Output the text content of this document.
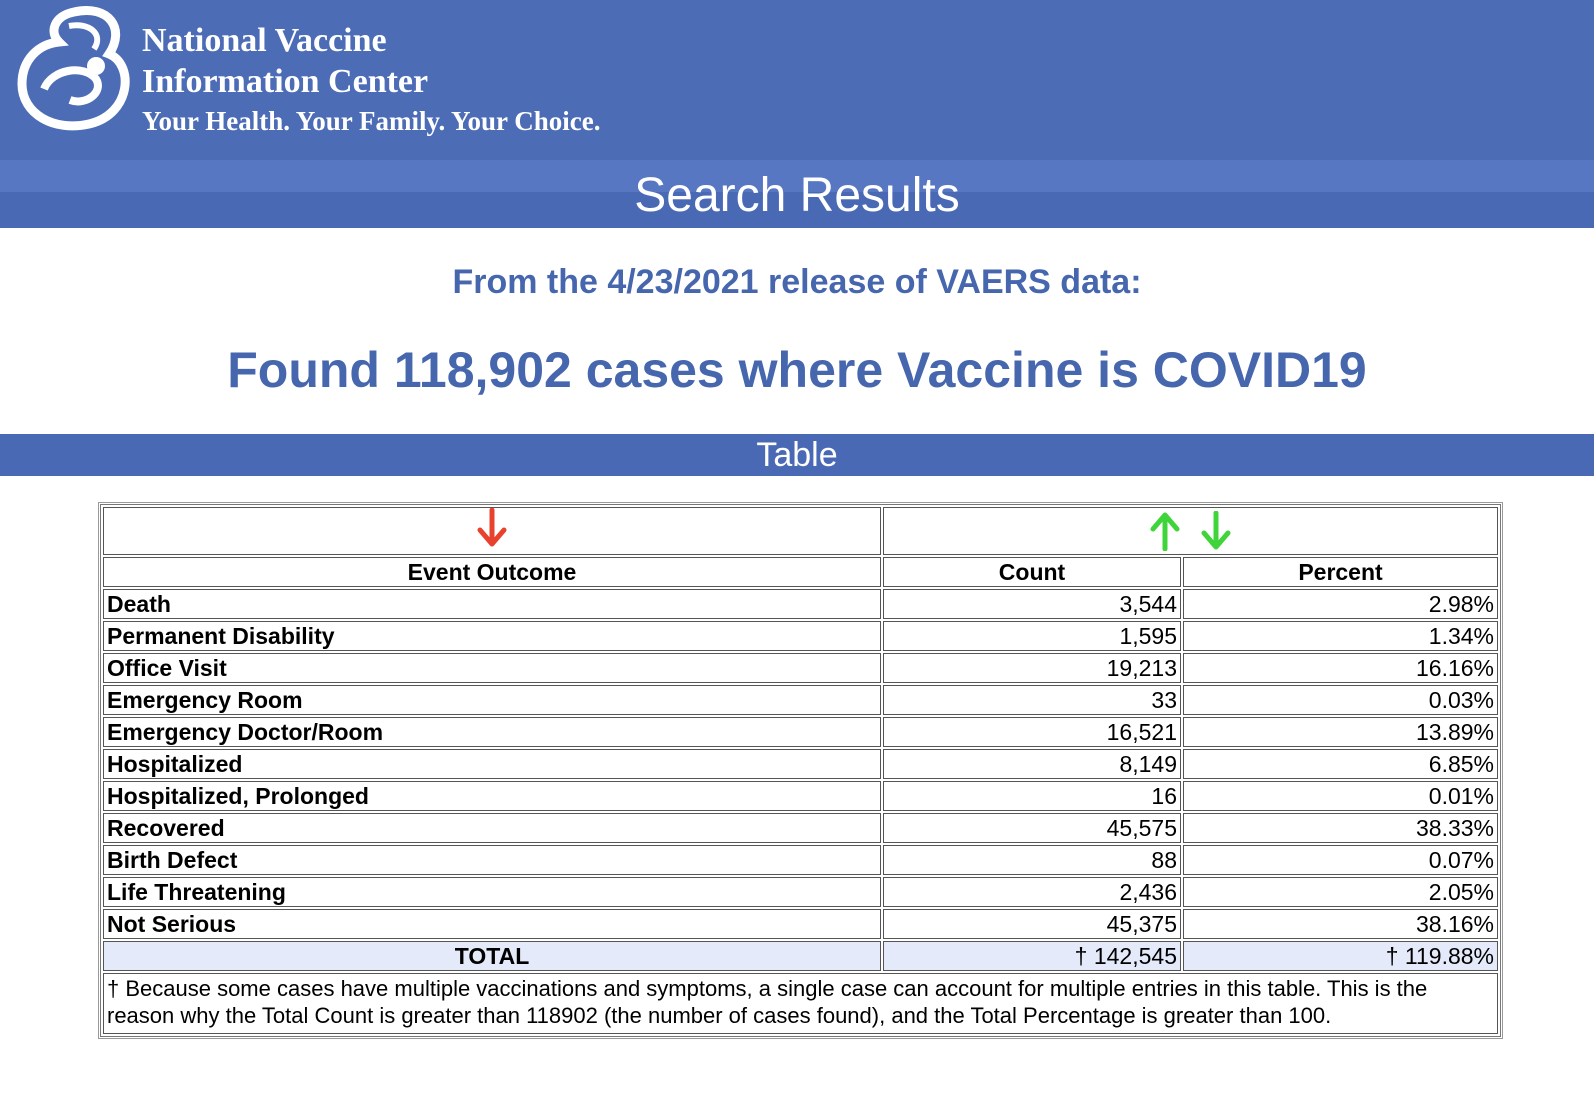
National Vaccine
Information Center
Your Health. Your Family. Your Choice.
Search Results
From the 4/23/2021 release of VAERS data:
Found 118,902 cases where Vaccine is COVID19
Table

Event Outcome	Count	Percent
Death	3,544	2.98%
Permanent Disability	1,595	1.34%
Office Visit	19,213	16.16%
Emergency Room	33	0.03%
Emergency Doctor/Room	16,521	13.89%
Hospitalized	8,149	6.85%
Hospitalized, Prolonged	16	0.01%
Recovered	45,575	38.33%
Birth Defect	88	0.07%
Life Threatening	2,436	2.05%
Not Serious	45,375	38.16%
TOTAL	† 142,545	† 119.88%
† Because some cases have multiple vaccinations and symptoms, a single case can account for multiple entries in this table. This is the reason why the Total Count is greater than 118902 (the number of cases found), and the Total Percentage is greater than 100.		
